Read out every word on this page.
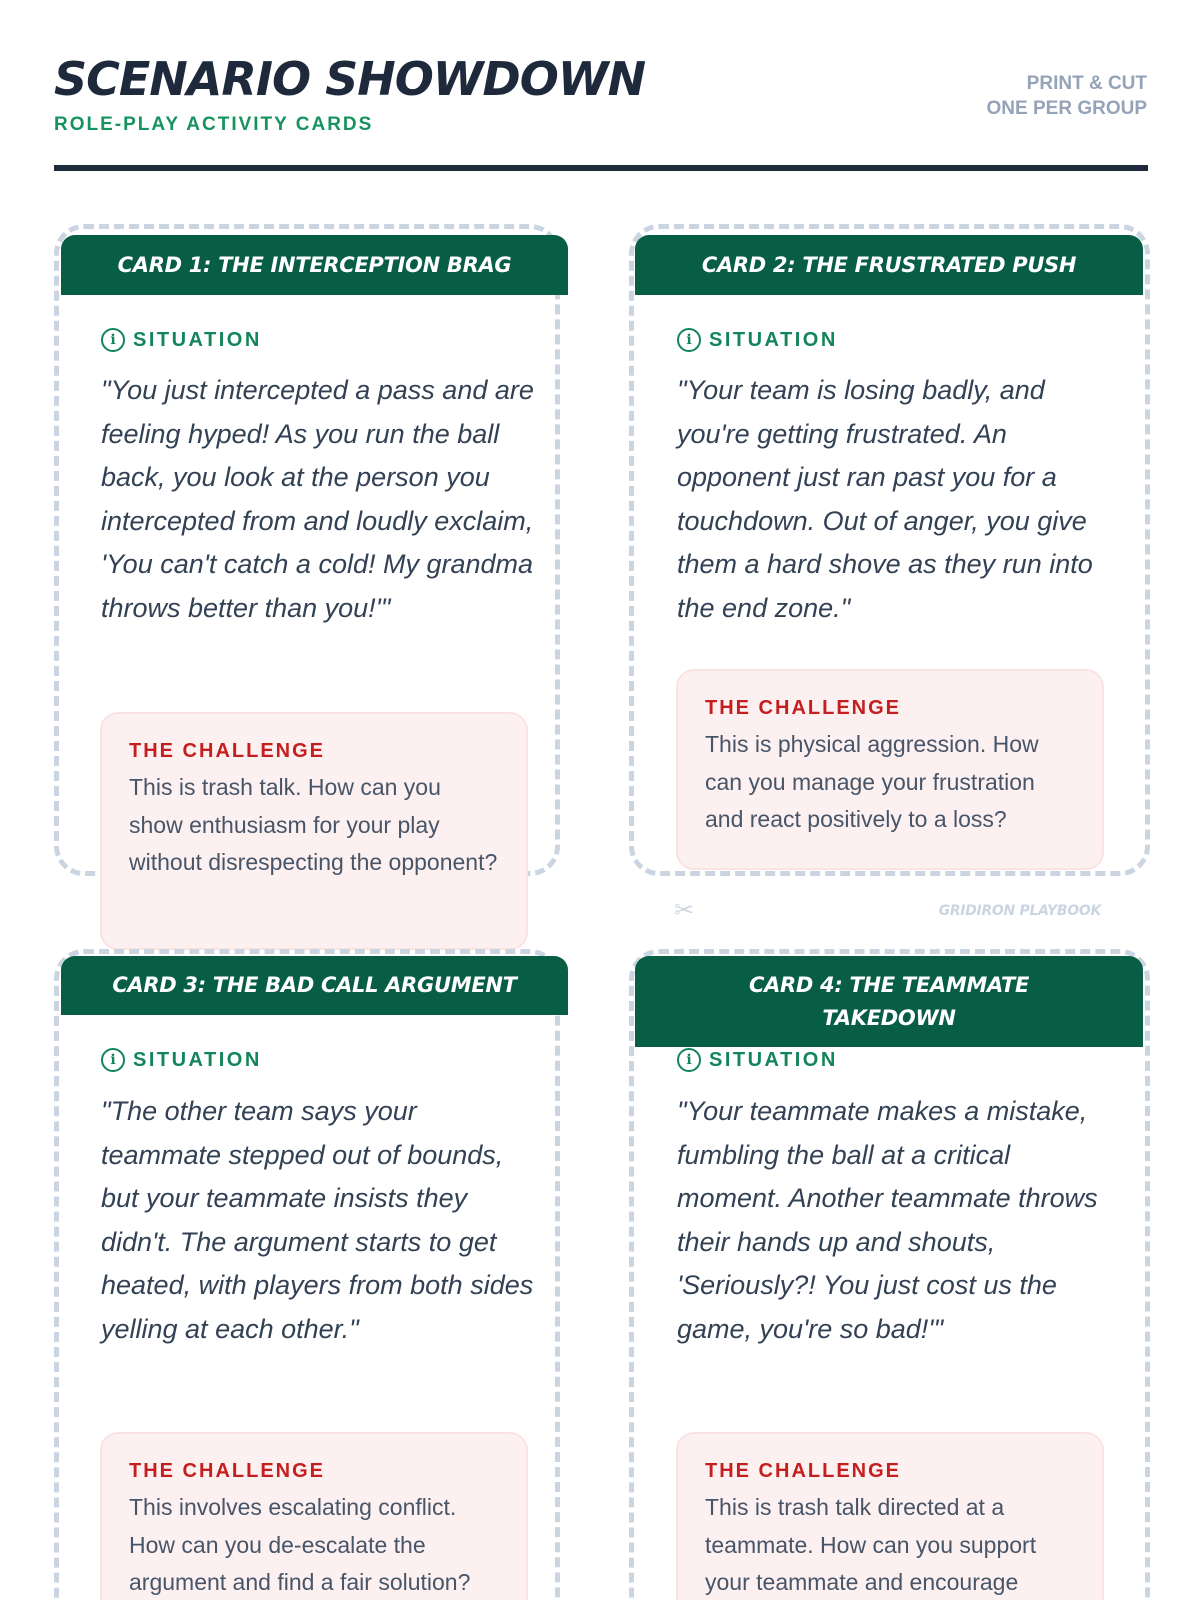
SCENARIO SHOWDOWN
ROLE-PLAY ACTIVITY CARDS
PRINT & CUT
ONE PER GROUP
CARD 1: THE INTERCEPTION BRAG
i SITUATION
"You just intercepted a pass and are feeling hyped! As you run the ball back, you look at the person you intercepted from and loudly exclaim, 'You can't catch a cold! My grandma throws better than you!'"
THE CHALLENGE
This is trash talk. How can you show enthusiasm for your play without disrespecting the opponent?
CARD 2: THE FRUSTRATED PUSH
i SITUATION
"Your team is losing badly, and you're getting frustrated. An opponent just ran past you for a touchdown. Out of anger, you give them a hard shove as they run into the end zone."
THE CHALLENGE
This is physical aggression. How can you manage your frustration and react positively to a loss?
✂	GRIDIRON PLAYBOOK
CARD 3: THE BAD CALL ARGUMENT
i SITUATION
"The other team says your teammate stepped out of bounds, but your teammate insists they didn't. The argument starts to get heated, with players from both sides yelling at each other."
THE CHALLENGE
This involves escalating conflict. How can you de-escalate the argument and find a fair solution?
CARD 4: THE TEAMMATE TAKEDOWN
i SITUATION
"Your teammate makes a mistake, fumbling the ball at a critical moment. Another teammate throws their hands up and shouts, 'Seriously?! You just cost us the game, you're so bad!'"
THE CHALLENGE
This is trash talk directed at a teammate. How can you support your teammate and encourage
